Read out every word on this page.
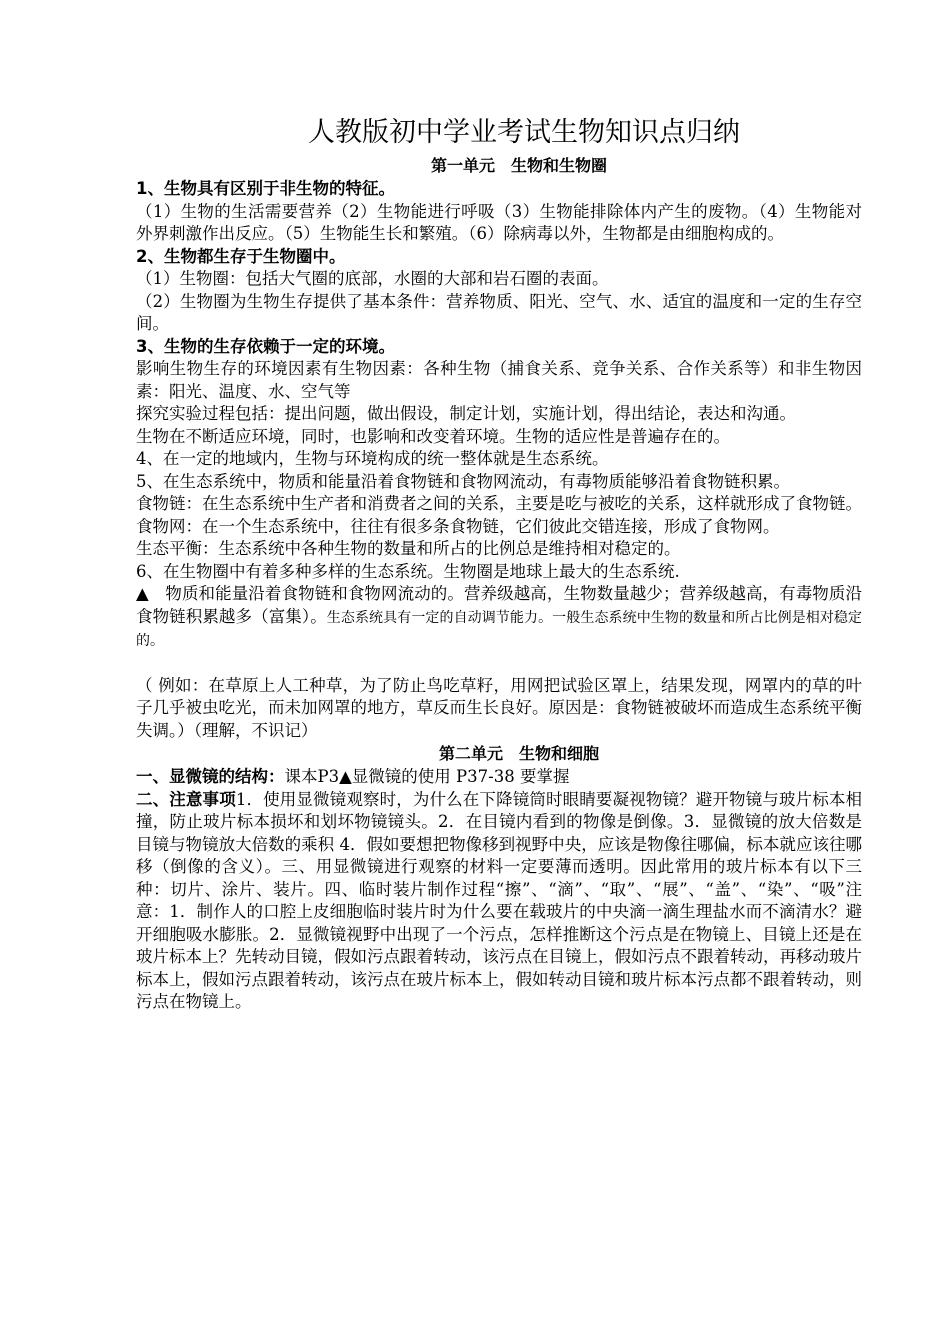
人教版初中学业考试生物知识点归纳
第一单元　生物和生物圈

1、生物具有区别于非生物的特征。

（1）生物的生活需要营养（2）生物能进行呼吸（3）生物能排除体内产生的废物。（4）生物能对外界刺激作出反应。（5）生物能生长和繁殖。（6）除病毒以外，生物都是由细胞构成的。

2、生物都生存于生物圈中。

（1）生物圈：包括大气圈的底部，水圈的大部和岩石圈的表面。

（2）生物圈为生物生存提供了基本条件：营养物质、阳光、空气、水、适宜的温度和一定的生存空间。

3、生物的生存依赖于一定的环境。

影响生物生存的环境因素有生物因素：各种生物（捕食关系、竞争关系、合作关系等）和非生物因素：阳光、温度、水、空气等

探究实验过程包括：提出问题，做出假设，制定计划，实施计划，得出结论，表达和沟通。

生物在不断适应环境，同时，也影响和改变着环境。生物的适应性是普遍存在的。

4、在一定的地域内，生物与环境构成的统一整体就是生态系统。

5、在生态系统中，物质和能量沿着食物链和食物网流动，有毒物质能够沿着食物链积累。

食物链：在生态系统中生产者和消费者之间的关系，主要是吃与被吃的关系，这样就形成了食物链。

食物网：在一个生态系统中，往往有很多条食物链，它们彼此交错连接，形成了食物网。

生态平衡：生态系统中各种生物的数量和所占的比例总是维持相对稳定的。

6、在生物圈中有着多种多样的生态系统。生物圈是地球上最大的生态系统.

▲　物质和能量沿着食物链和食物网流动的。营养级越高，生物数量越少；营养级越高，有毒物质沿食物链积累越多（富集）。生态系统具有一定的自动调节能力。一般生态系统中生物的数量和所占比例是相对稳定的。

（ 例如：在草原上人工种草，为了防止鸟吃草籽，用网把试验区罩上，结果发现，网罩内的草的叶子几乎被虫吃光，而未加网罩的地方，草反而生长良好。原因是：食物链被破坏而造成生态系统平衡失调。）（理解，不识记）

第二单元　生物和细胞

一、显微镜的结构：课本P3▲显微镜的使用 P37-38 要掌握

二、注意事项1．使用显微镜观察时，为什么在下降镜筒时眼睛要凝视物镜？避开物镜与玻片标本相撞，防止玻片标本损坏和划坏物镜镜头。2．在目镜内看到的物像是倒像。3．显微镜的放大倍数是目镜与物镜放大倍数的乘积 4．假如要想把物像移到视野中央，应该是物像往哪偏，标本就应该往哪移（倒像的含义）。三、用显微镜进行观察的材料一定要薄而透明。因此常用的玻片标本有以下三种：切片、涂片、装片。四、临时装片制作过程“擦”、“滴”、“取”、“展”、“盖”、“染”、“吸”注意：1．制作人的口腔上皮细胞临时装片时为什么要在载玻片的中央滴一滴生理盐水而不滴清水？避开细胞吸水膨胀。2．显微镜视野中出现了一个污点，怎样推断这个污点是在物镜上、目镜上还是在玻片标本上？先转动目镜，假如污点跟着转动，该污点在目镜上，假如污点不跟着转动，再移动玻片标本上，假如污点跟着转动，该污点在玻片标本上，假如转动目镜和玻片标本污点都不跟着转动，则污点在物镜上。
